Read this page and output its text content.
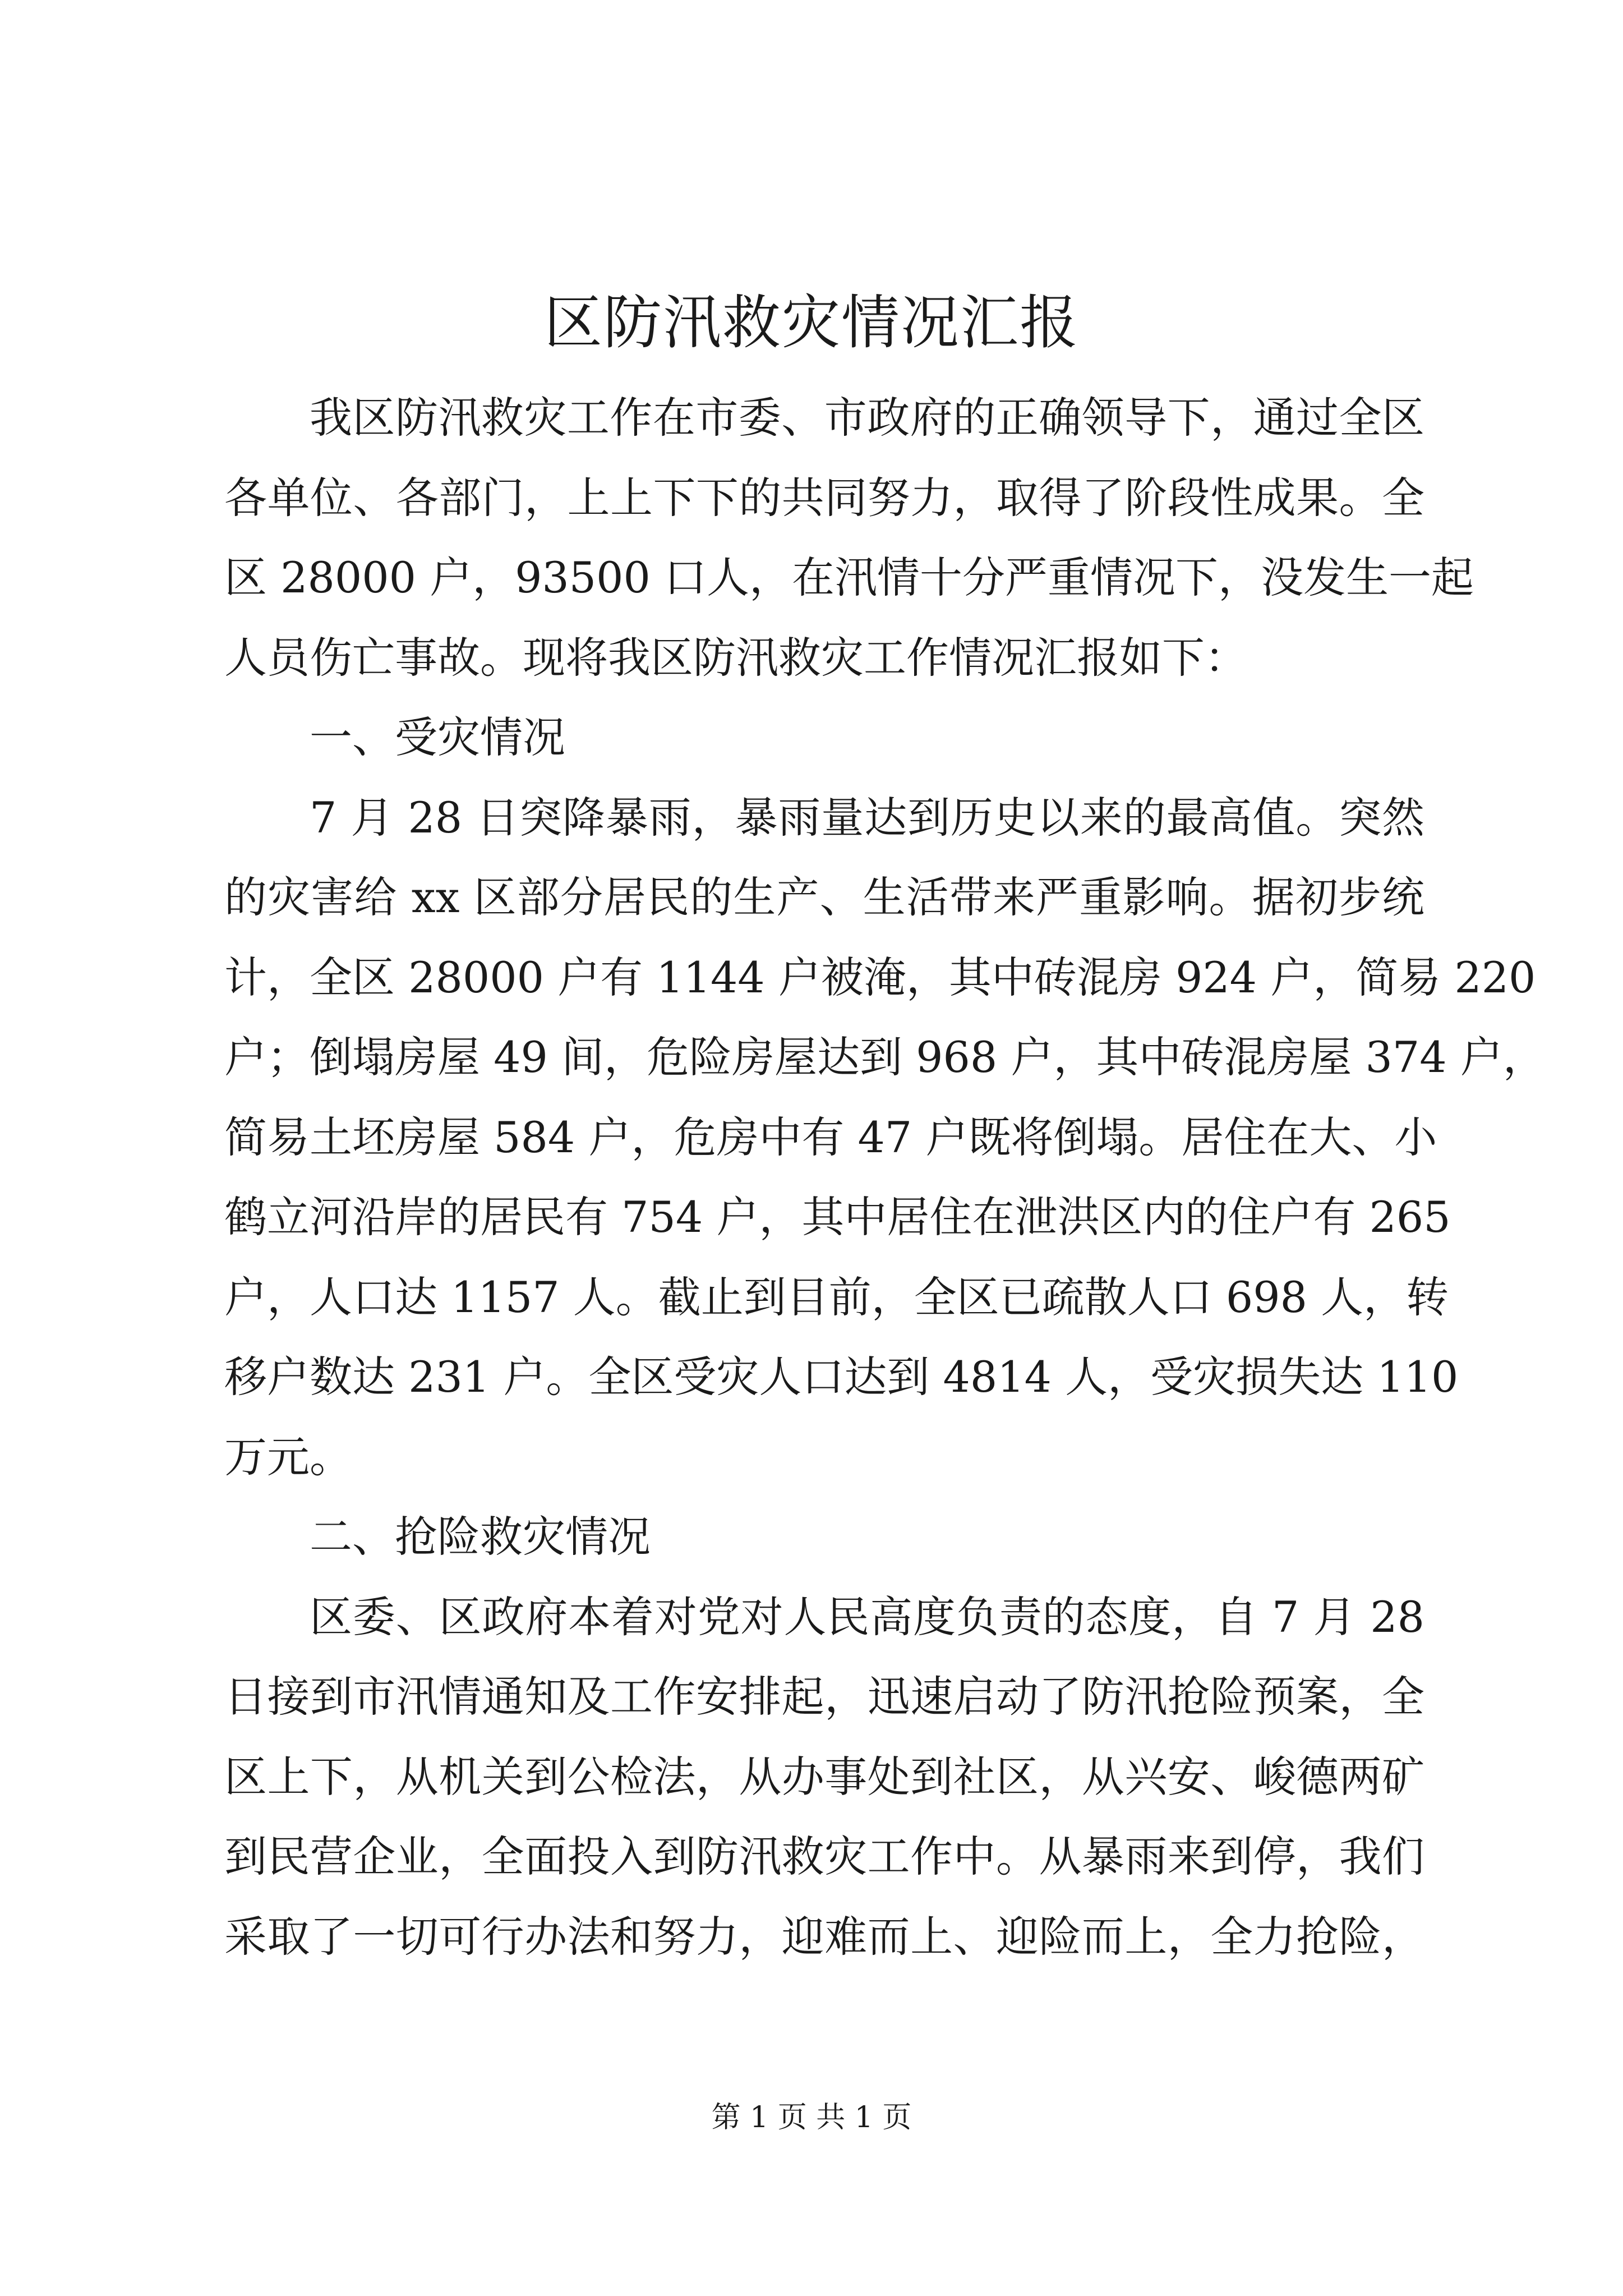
区防汛救灾情况汇报

我区防汛救灾工作在市委、市政府的正确领导下，通过全区

各单位、各部门，上上下下的共同努力，取得了阶段性成果。全

区 28000 户，93500 口人，在汛情十分严重情况下，没发生一起

人员伤亡事故。现将我区防汛救灾工作情况汇报如下：

一、受灾情况

7 月 28 日突降暴雨，暴雨量达到历史以来的最高值。突然

的灾害给 xx 区部分居民的生产、生活带来严重影响。据初步统

计，全区 28000 户有 1144 户被淹，其中砖混房 924 户，简易 220

户；倒塌房屋 49 间，危险房屋达到 968 户，其中砖混房屋 374 户，

简易土坯房屋 584 户，危房中有 47 户既将倒塌。居住在大、小

鹤立河沿岸的居民有 754 户，其中居住在泄洪区内的住户有 265

户，人口达 1157 人。截止到目前，全区已疏散人口 698 人，转

移户数达 231 户。全区受灾人口达到 4814 人，受灾损失达 110

万元。

二、抢险救灾情况

区委、区政府本着对党对人民高度负责的态度，自 7 月 28

日接到市汛情通知及工作安排起，迅速启动了防汛抢险预案，全

区上下，从机关到公检法，从办事处到社区，从兴安、峻德两矿

到民营企业，全面投入到防汛救灾工作中。从暴雨来到停，我们

采取了一切可行办法和努力，迎难而上、迎险而上，全力抢险，

第 1 页 共 1 页
